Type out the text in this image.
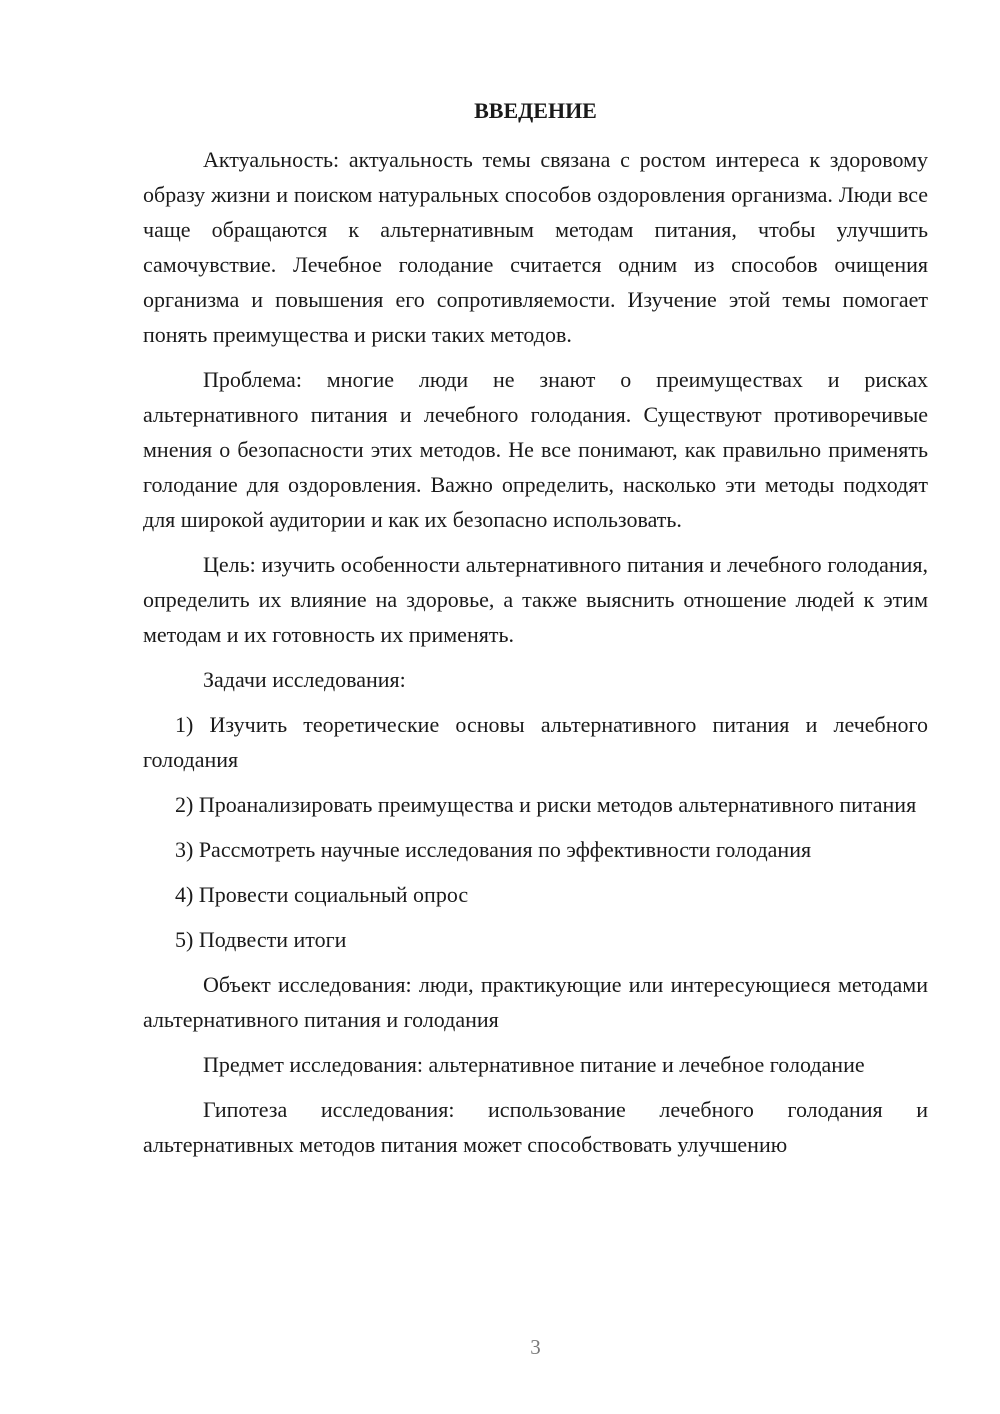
ВВЕДЕНИЕ

Актуальность: актуальность темы связана с ростом интереса к здоровому образу жизни и поиском натуральных способов оздоровления организма. Люди все чаще обращаются к альтернативным методам питания, чтобы улучшить самочувствие. Лечебное голодание считается одним из способов очищения организма и повышения его сопротивляемости. Изучение этой темы помогает понять преимущества и риски таких методов.

Проблема: многие люди не знают о преимуществах и рисках альтернативного питания и лечебного голодания. Существуют противоречивые мнения о безопасности этих методов. Не все понимают, как правильно применять голодание для оздоровления. Важно определить, насколько эти методы подходят для широкой аудитории и как их безопасно использовать.

Цель: изучить особенности альтернативного питания и лечебного голодания, определить их влияние на здоровье, а также выяснить отношение людей к этим методам и их готовность их применять.

Задачи исследования:

1) Изучить теоретические основы альтернативного питания и лечебного голодания

2) Проанализировать преимущества и риски методов альтернативного питания

3) Рассмотреть научные исследования по эффективности голодания

4) Провести социальный опрос

5) Подвести итоги

Объект исследования: люди, практикующие или интересующиеся методами альтернативного питания и голодания

Предмет исследования: альтернативное питание и лечебное голодание

Гипотеза исследования: использование лечебного голодания и альтернативных методов питания может способствовать улучшению

3
